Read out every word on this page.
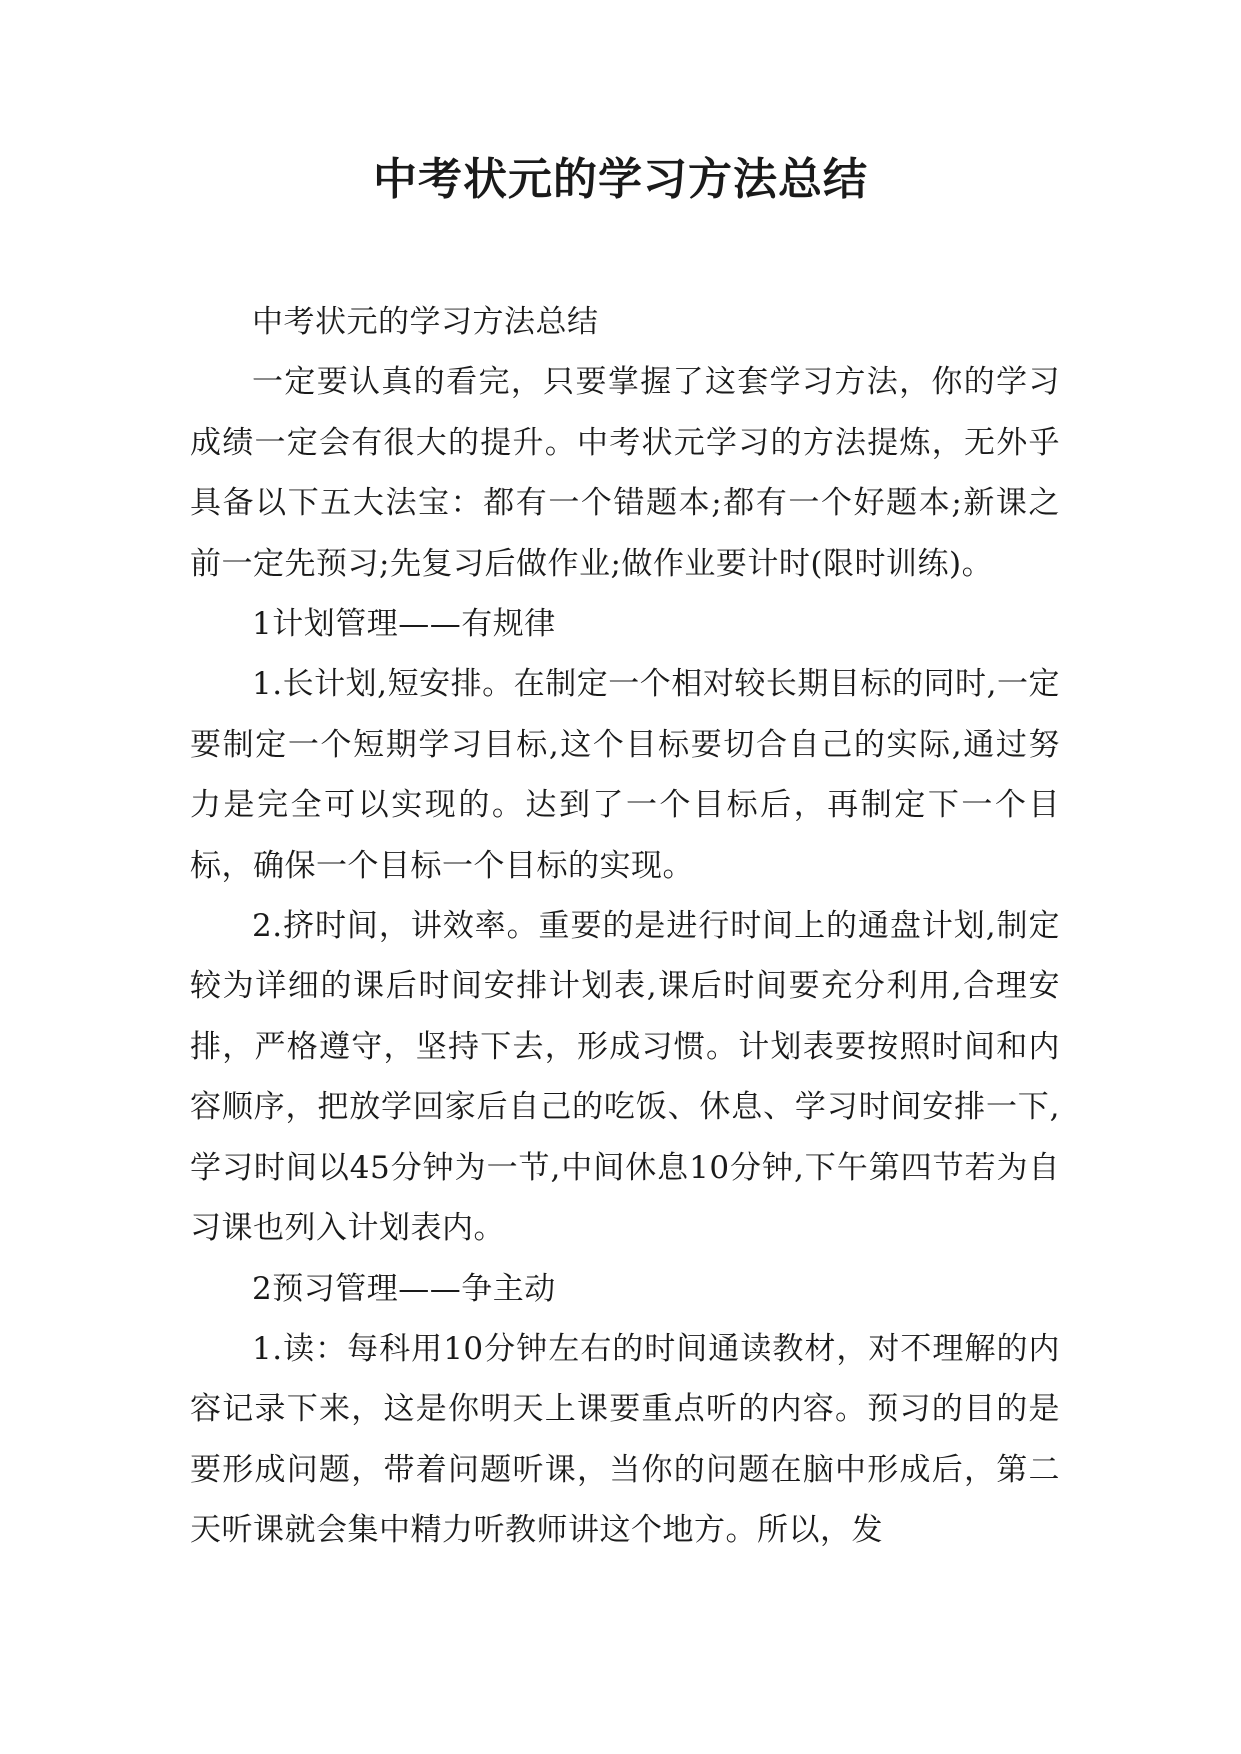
中考状元的学习方法总结

中考状元的学习方法总结

一定要认真的看完，只要掌握了这套学习方法，你的学习成绩一定会有很大的提升。中考状元学习的方法提炼，无外乎具备以下五大法宝：都有一个错题本;都有一个好题本;新课之前一定先预习;先复习后做作业;做作业要计时(限时训练)。

1计划管理——有规律

1.长计划,短安排。在制定一个相对较长期目标的同时,一定要制定一个短期学习目标,这个目标要切合自己的实际,通过努力是完全可以实现的。达到了一个目标后，再制定下一个目标，确保一个目标一个目标的实现。

2.挤时间，讲效率。重要的是进行时间上的通盘计划,制定较为详细的课后时间安排计划表,课后时间要充分利用,合理安排，严格遵守，坚持下去，形成习惯。计划表要按照时间和内容顺序，把放学回家后自己的吃饭、休息、学习时间安排一下,学习时间以45分钟为一节,中间休息10分钟,下午第四节若为自习课也列入计划表内。

2预习管理——争主动

1.读：每科用10分钟左右的时间通读教材，对不理解的内容记录下来，这是你明天上课要重点听的内容。预习的目的是要形成问题，带着问题听课，当你的问题在脑中形成后，第二天听课就会集中精力听教师讲这个地方。所以，发
